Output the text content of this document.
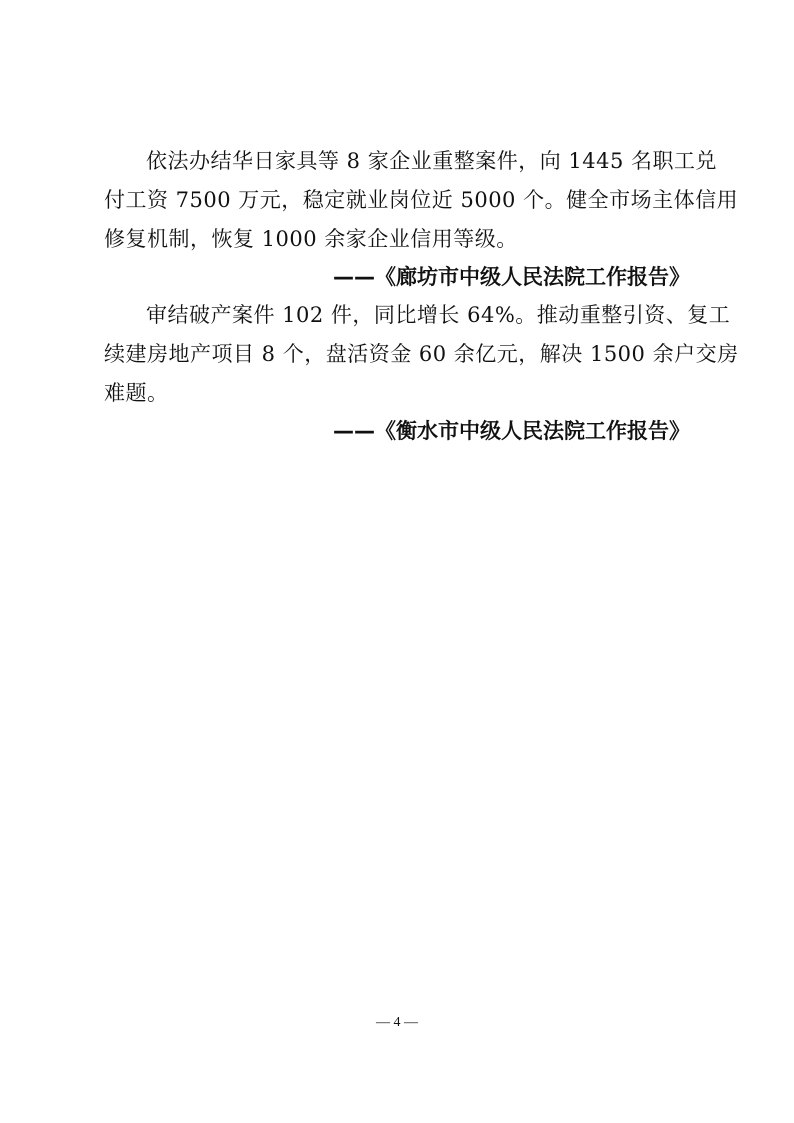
依法办结华日家具等 8 家企业重整案件，向 1445 名职工兑
付工资 7500 万元，稳定就业岗位近 5000 个。健全市场主体信用
修复机制，恢复 1000 余家企业信用等级。
——《廊坊市中级人民法院工作报告》
审结破产案件 102 件，同比增长 64%。推动重整引资、复工
续建房地产项目 8 个，盘活资金 60 余亿元，解决 1500 余户交房
难题。
——《衡水市中级人民法院工作报告》
— 4 —
